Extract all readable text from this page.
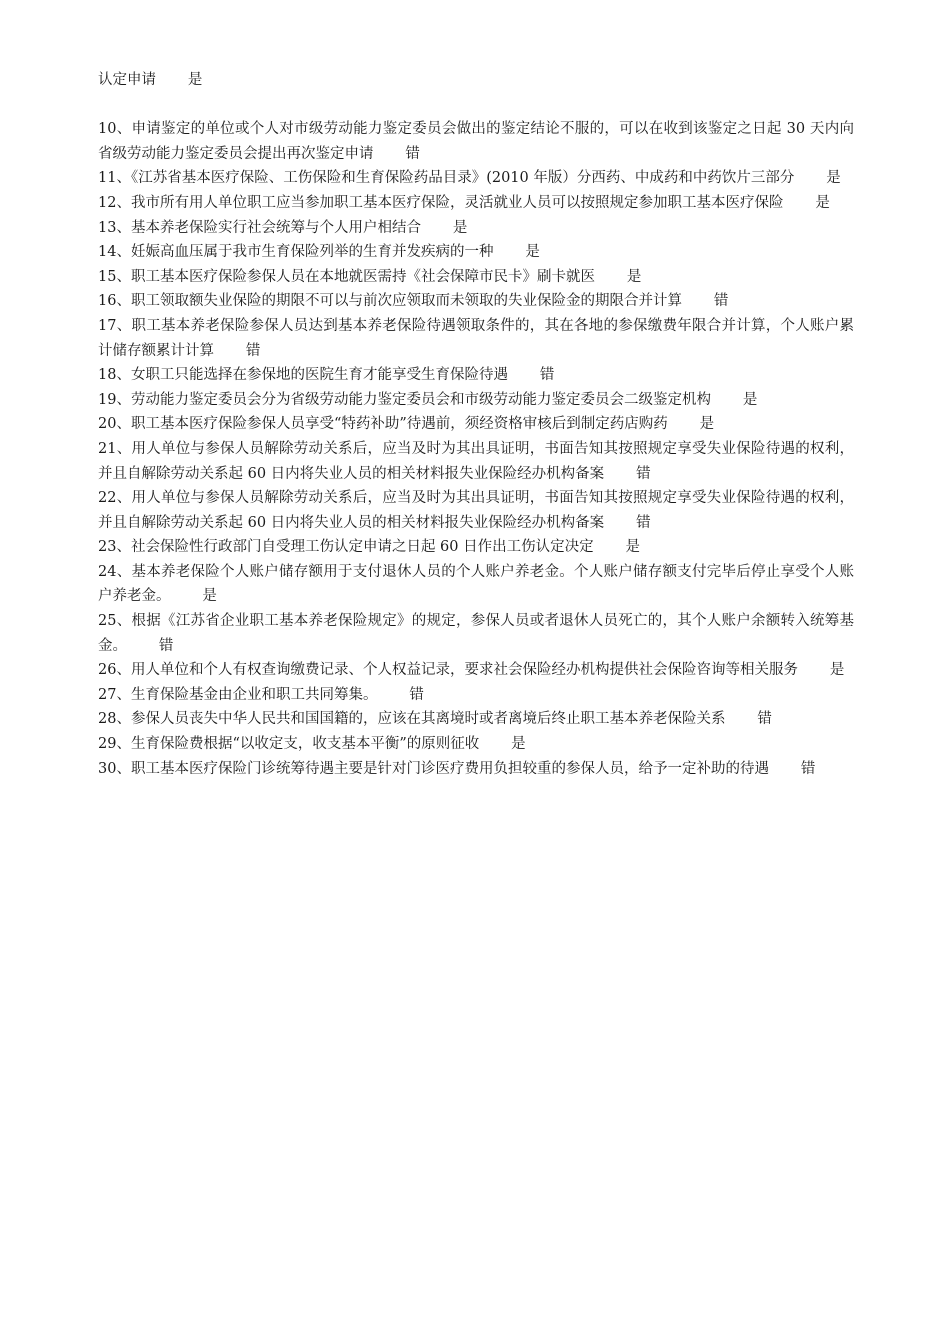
认定申请 是
10、申请鉴定的单位或个人对市级劳动能力鉴定委员会做出的鉴定结论不服的，可以在收到该鉴定之日起 30 天内向省级劳动能力鉴定委员会提出再次鉴定申请 错
11、《江苏省基本医疗保险、工伤保险和生育保险药品目录》(2010 年版）分西药、中成药和中药饮片三部分 是
12、我市所有用人单位职工应当参加职工基本医疗保险，灵活就业人员可以按照规定参加职工基本医疗保险 是
13、基本养老保险实行社会统筹与个人用户相结合 是
14、妊娠高血压属于我市生育保险列举的生育并发疾病的一种 是
15、职工基本医疗保险参保人员在本地就医需持《社会保障市民卡》刷卡就医 是
16、职工领取额失业保险的期限不可以与前次应领取而未领取的失业保险金的期限合并计算 错
17、职工基本养老保险参保人员达到基本养老保险待遇领取条件的，其在各地的参保缴费年限合并计算，个人账户累计储存额累计计算 错
18、女职工只能选择在参保地的医院生育才能享受生育保险待遇 错
19、劳动能力鉴定委员会分为省级劳动能力鉴定委员会和市级劳动能力鉴定委员会二级鉴定机构 是
20、职工基本医疗保险参保人员享受“特药补助”待遇前，须经资格审核后到制定药店购药 是
21、用人单位与参保人员解除劳动关系后，应当及时为其出具证明，书面告知其按照规定享受失业保险待遇的权利，并且自解除劳动关系起 60 日内将失业人员的相关材料报失业保险经办机构备案 错
22、用人单位与参保人员解除劳动关系后，应当及时为其出具证明，书面告知其按照规定享受失业保险待遇的权利，并且自解除劳动关系起 60 日内将失业人员的相关材料报失业保险经办机构备案 错
23、社会保险性行政部门自受理工伤认定申请之日起 60 日作出工伤认定决定 是
24、基本养老保险个人账户储存额用于支付退休人员的个人账户养老金。个人账户储存额支付完毕后停止享受个人账户养老金。 是
25、根据《江苏省企业职工基本养老保险规定》的规定，参保人员或者退休人员死亡的，其个人账户余额转入统筹基金。 错
26、用人单位和个人有权查询缴费记录、个人权益记录，要求社会保险经办机构提供社会保险咨询等相关服务 是
27、生育保险基金由企业和职工共同筹集。 错
28、参保人员丧失中华人民共和国国籍的，应该在其离境时或者离境后终止职工基本养老保险关系 错
29、生育保险费根据“以收定支，收支基本平衡”的原则征收 是
30、职工基本医疗保险门诊统筹待遇主要是针对门诊医疗费用负担较重的参保人员，给予一定补助的待遇 错
